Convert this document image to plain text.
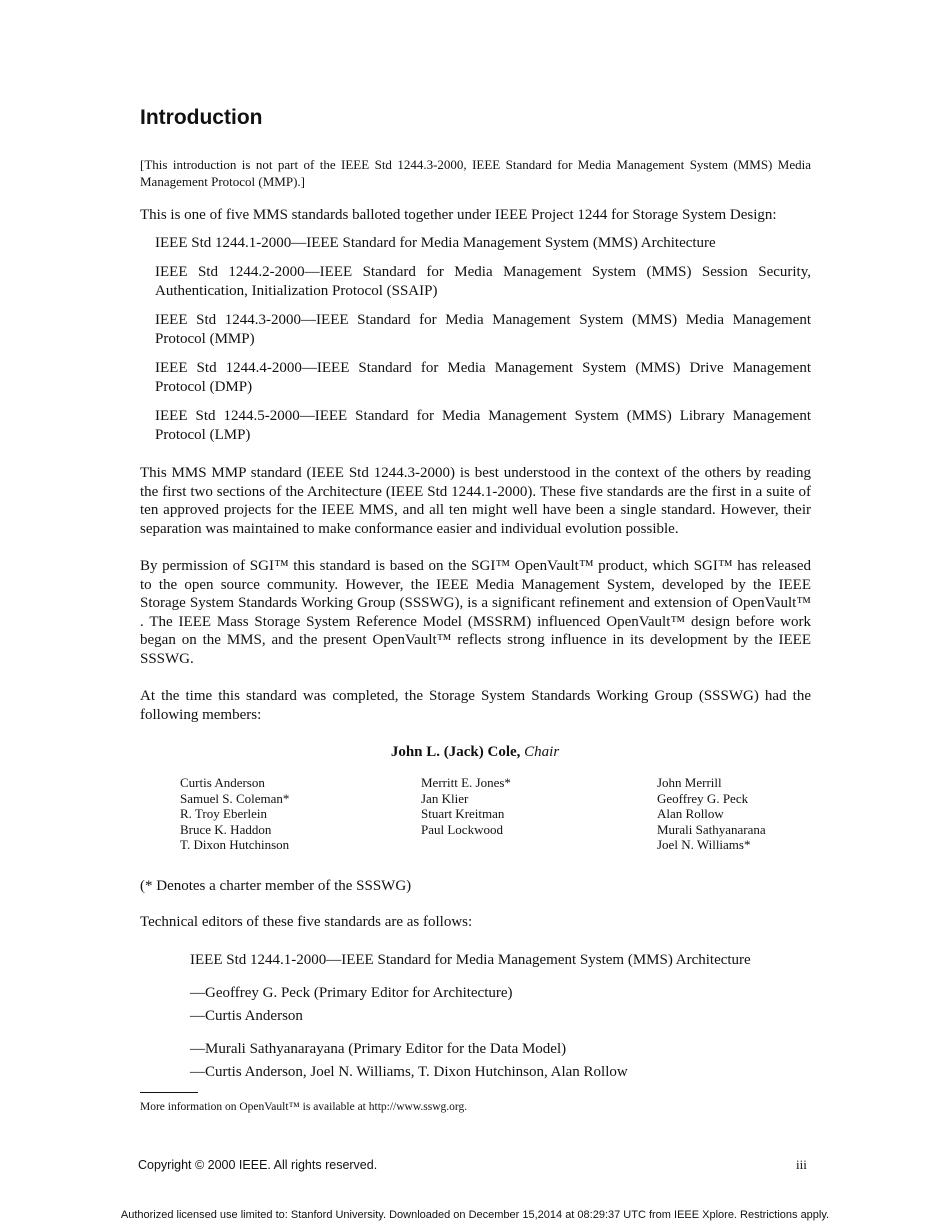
Introduction
[This introduction is not part of the IEEE Std 1244.3-2000, IEEE Standard for Media Management System (MMS) Media Management Protocol (MMP).]
This is one of five MMS standards balloted together under IEEE Project 1244 for Storage System Design:
IEEE Std 1244.1-2000—IEEE Standard for Media Management System (MMS) Architecture
IEEE Std 1244.2-2000—IEEE Standard for Media Management System (MMS) Session Security, Authentication, Initialization Protocol (SSAIP)
IEEE Std 1244.3-2000—IEEE Standard for Media Management System (MMS) Media Management Protocol (MMP)
IEEE Std 1244.4-2000—IEEE Standard for Media Management System (MMS) Drive Management Protocol (DMP)
IEEE Std 1244.5-2000—IEEE Standard for Media Management System (MMS) Library Management Protocol (LMP)
This MMS MMP standard (IEEE Std 1244.3-2000) is best understood in the context of the others by reading the first two sections of the Architecture (IEEE Std 1244.1-2000). These five standards are the first in a suite of ten approved projects for the IEEE MMS, and all ten might well have been a single standard. However, their separation was maintained to make conformance easier and individual evolution possible.
By permission of SGI™ this standard is based on the SGI™ OpenVault™ product, which SGI™ has released to the open source community. However, the IEEE Media Management System, developed by the IEEE Storage System Standards Working Group (SSSWG), is a significant refinement and extension of OpenVault™ . The IEEE Mass Storage System Reference Model (MSSRM) influenced OpenVault™ design before work began on the MMS, and the present OpenVault™ reflects strong influence in its development by the IEEE SSSWG.
At the time this standard was completed, the Storage System Standards Working Group (SSSWG) had the following members:
John L. (Jack) Cole, Chair
Curtis Anderson
Samuel S. Coleman*
R. Troy Eberlein
Bruce K. Haddon
T. Dixon Hutchinson
Merritt E. Jones*
Jan Klier
Stuart Kreitman
Paul Lockwood
John Merrill
Geoffrey G. Peck
Alan Rollow
Murali Sathyanarana
Joel N. Williams*
(* Denotes a charter member of the SSSWG)
Technical editors of these five standards are as follows:
IEEE Std 1244.1-2000—IEEE Standard for Media Management System (MMS) Architecture
—Geoffrey G. Peck (Primary Editor for Architecture)
—Curtis Anderson
—Murali Sathyanarayana (Primary Editor for the Data Model)
—Curtis Anderson, Joel N. Williams, T. Dixon Hutchinson, Alan Rollow
More information on OpenVault™ is available at http://www.sswg.org.
Copyright © 2000 IEEE. All rights reserved.	iii
Authorized licensed use limited to: Stanford University. Downloaded on December 15,2014 at 08:29:37 UTC from IEEE Xplore. Restrictions apply.
